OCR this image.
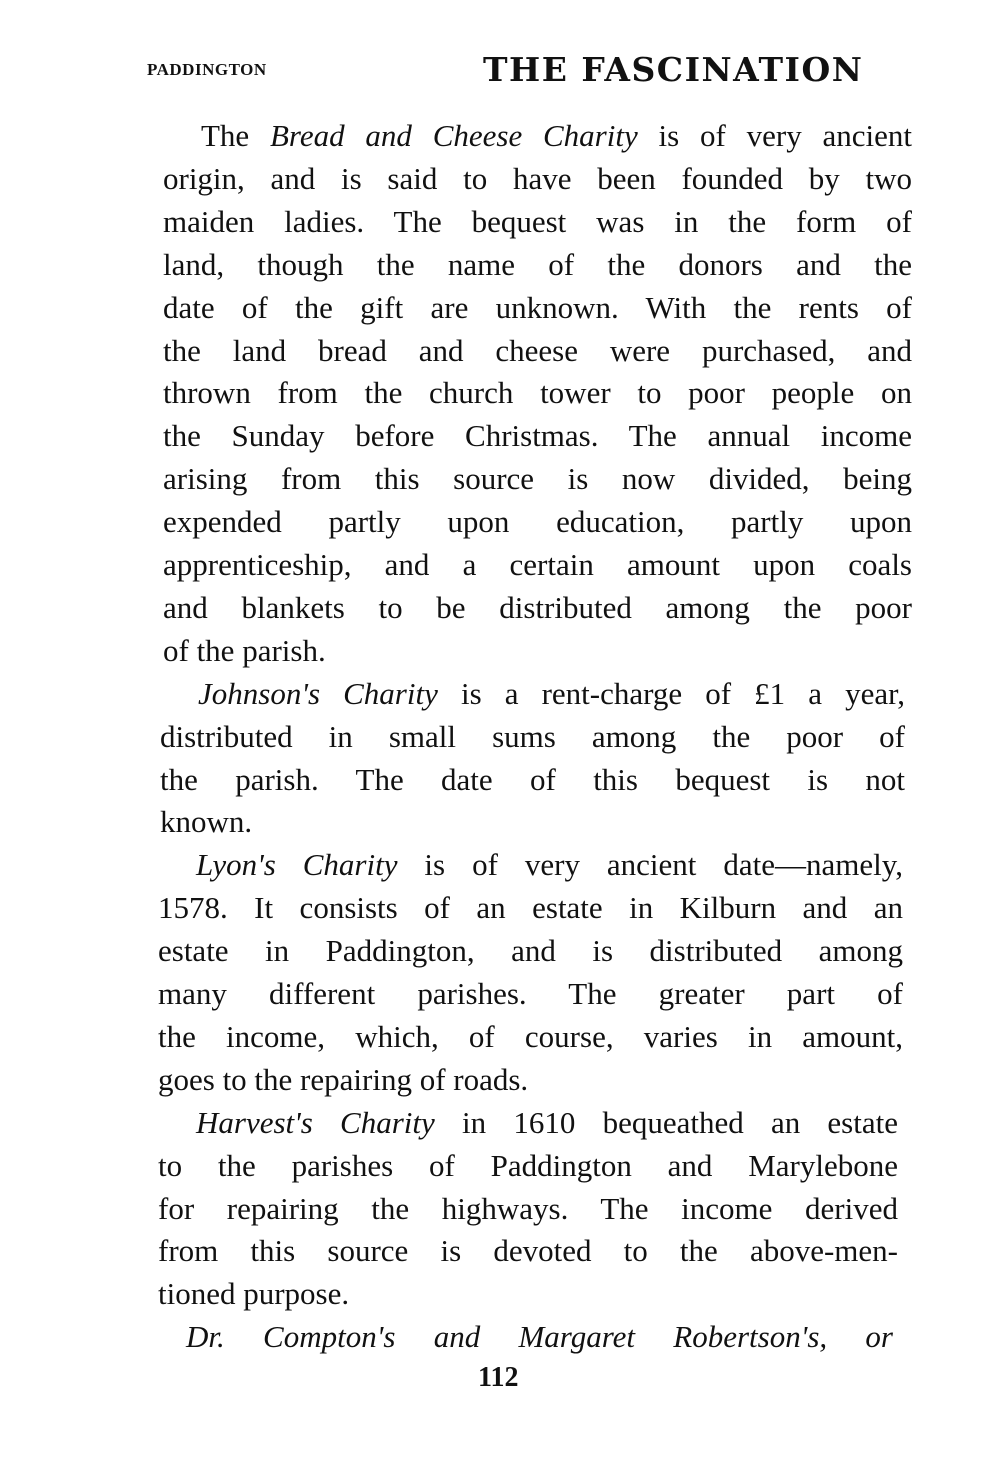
PADDINGTON	THE FASCINATION
The Bread and Cheese Charity is of very ancient
origin, and is said to have been founded by two
maiden ladies. The bequest was in the form of
land, though the name of the donors and the
date of the gift are unknown. With the rents of
the land bread and cheese were purchased, and
thrown from the church tower to poor people on
the Sunday before Christmas. The annual income
arising from this source is now divided, being
expended partly upon education, partly upon
apprenticeship, and a certain amount upon coals
and blankets to be distributed among the poor
of the parish.
Johnson's Charity is a rent-charge of £1 a year,
distributed in small sums among the poor of
the parish. The date of this bequest is not
known.
Lyon's Charity is of very ancient date—namely,
1578. It consists of an estate in Kilburn and an
estate in Paddington, and is distributed among
many different parishes. The greater part of
the income, which, of course, varies in amount,
goes to the repairing of roads.
Harvest's Charity in 1610 bequeathed an estate
to the parishes of Paddington and Marylebone
for repairing the highways. The income derived
from this source is devoted to the above-men-
tioned purpose.
Dr. Compton's and Margaret Robertson's, or
112
